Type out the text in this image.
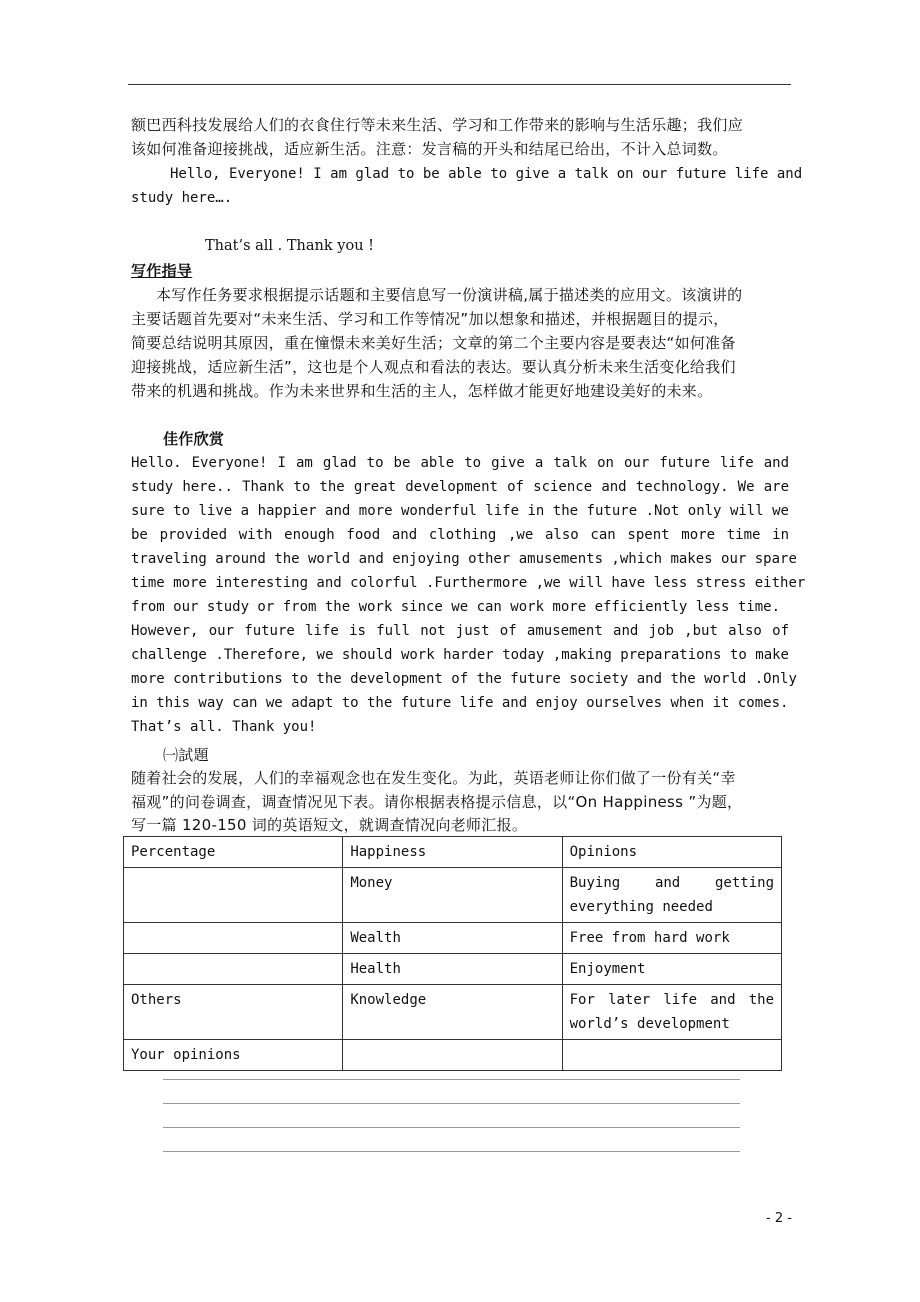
额巴西科技发展给人们的衣食住行等未来生活、学习和工作带来的影响与生活乐趣；我们应
该如何准备迎接挑战，适应新生活。注意：发言稿的开头和结尾已给出，不计入总词数。
Hello, Everyone! I am glad to be able to give a talk on our future life and
study here….
That’s all . Thank you !
写作指导
本写作任务要求根据提示话题和主要信息写一份演讲稿,属于描述类的应用文。该演讲的
主要话题首先要对“未来生活、学习和工作等情况”加以想象和描述，并根据题目的提示，
简要总结说明其原因，重在憧憬未来美好生活；文章的第二个主要内容是要表达“如何准备
迎接挑战，适应新生活”，这也是个人观点和看法的表达。要认真分析未来生活变化给我们
带来的机遇和挑战。作为未来世界和生活的主人，怎样做才能更好地建设美好的未来。
佳作欣赏
Hello. Everyone! I am glad to be able to give a talk on our future life and
study here.. Thank to the great development of science and technology. We are
sure to live a happier and more wonderful life in the future .Not only will we
be provided with enough food and clothing ,we also can spent more time in
traveling around the world and enjoying other amusements ,which makes our spare
time more interesting and colorful .Furthermore ,we will have less stress either
from our study or from the work since we can work more efficiently less time.
However, our future life is full not just of amusement and job ,but also of
challenge .Therefore, we should work harder today ,making preparations to make
more contributions to the development of the future society and the world .Only
in this way can we adapt to the future life and enjoy ourselves when it comes.
That’s all. Thank you!
㈠試題
随着社会的发展，人们的幸福观念也在发生变化。为此，英语老师让你们做了一份有关“幸
福观”的问卷调查，调查情况见下表。请你根据表格提示信息，以“On Happiness ”为题，
写一篇 120-150 词的英语短文，就调查情况向老师汇报。
Percentage	Happiness	Opinions
	Money	Buying and getting everything needed
	Wealth	Free from hard work
	Health	Enjoyment
Others	Knowledge	For later life and the world’s development
Your opinions		
- 2 -
